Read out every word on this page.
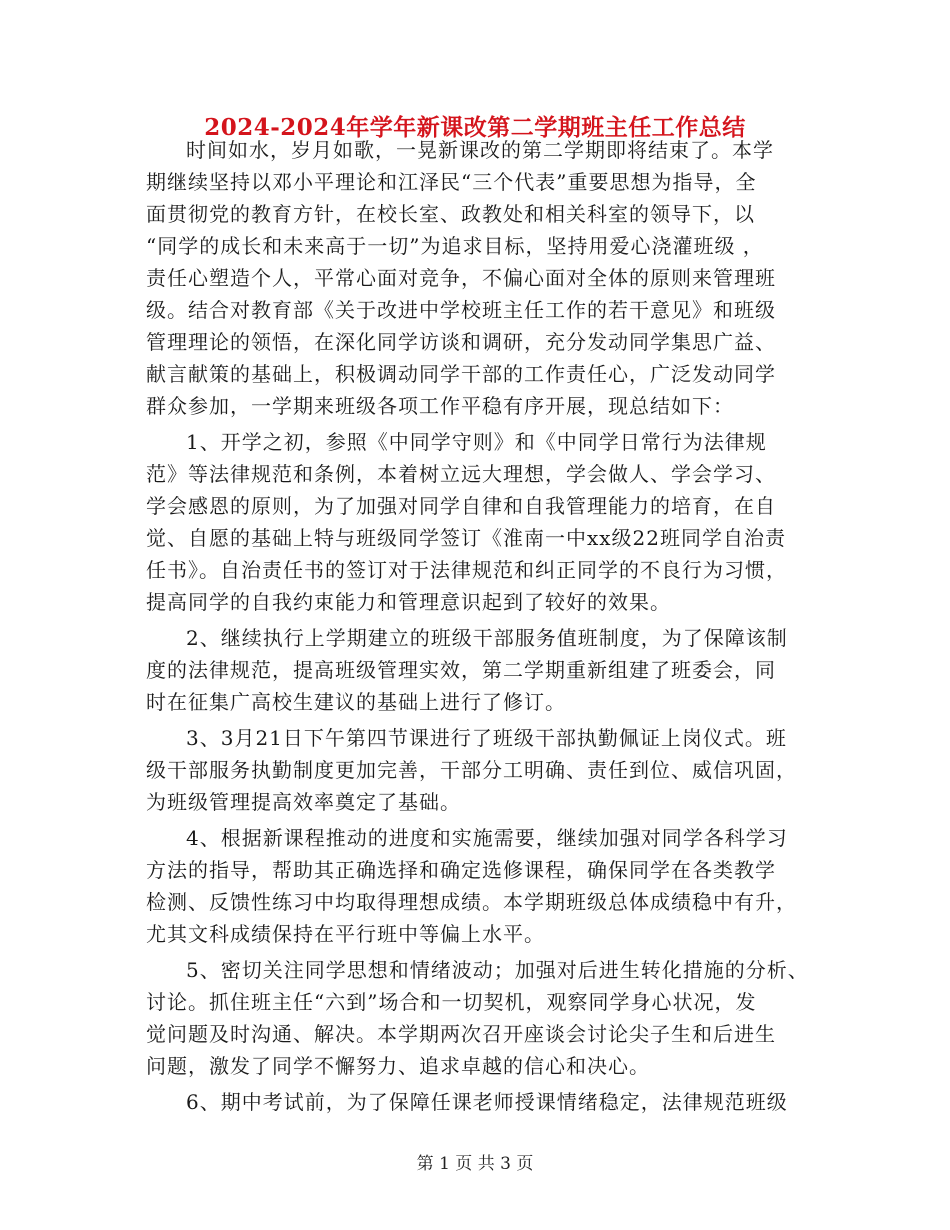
2024-2024年学年新课改第二学期班主任工作总结
时间如水，岁月如歌，一晃新课改的第二学期即将结束了。本学
期继续坚持以邓小平理论和江泽民“三个代表”重要思想为指导，全
面贯彻党的教育方针，在校长室、政教处和相关科室的领导下，以
“同学的成长和未来高于一切”为追求目标，坚持用爱心浇灌班级 ，
责任心塑造个人，平常心面对竞争，不偏心面对全体的原则来管理班
级。结合对教育部《关于改进中学校班主任工作的若干意见》和班级
管理理论的领悟，在深化同学访谈和调研，充分发动同学集思广益、
献言献策的基础上，积极调动同学干部的工作责任心，广泛发动同学
群众参加，一学期来班级各项工作平稳有序开展，现总结如下：
1、开学之初，参照《中同学守则》和《中同学日常行为法律规
范》等法律规范和条例，本着树立远大理想，学会做人、学会学习、
学会感恩的原则，为了加强对同学自律和自我管理能力的培育，在自
觉、自愿的基础上特与班级同学签订《淮南一中xx级22班同学自治责
任书》。自治责任书的签订对于法律规范和纠正同学的不良行为习惯，
提高同学的自我约束能力和管理意识起到了较好的效果。
2、继续执行上学期建立的班级干部服务值班制度，为了保障该制
度的法律规范，提高班级管理实效，第二学期重新组建了班委会，同
时在征集广高校生建议的基础上进行了修订。
3、3月21日下午第四节课进行了班级干部执勤佩证上岗仪式。班
级干部服务执勤制度更加完善，干部分工明确、责任到位、威信巩固，
为班级管理提高效率奠定了基础。
4、根据新课程推动的进度和实施需要，继续加强对同学各科学习
方法的指导，帮助其正确选择和确定选修课程，确保同学在各类教学
检测、反馈性练习中均取得理想成绩。本学期班级总体成绩稳中有升，
尤其文科成绩保持在平行班中等偏上水平。
5、密切关注同学思想和情绪波动；加强对后进生转化措施的分析、
讨论。抓住班主任“六到”场合和一切契机，观察同学身心状况，发
觉问题及时沟通、解决。本学期两次召开座谈会讨论尖子生和后进生
问题，激发了同学不懈努力、追求卓越的信心和决心。
6、期中考试前，为了保障任课老师授课情绪稳定，法律规范班级
第 1 页 共 3 页
